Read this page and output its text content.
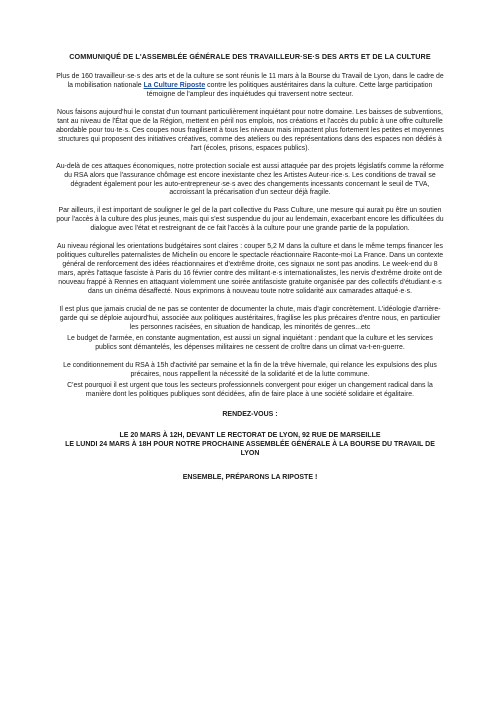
COMMUNIQUÉ DE L'ASSEMBLÉE GÉNÉRALE DES TRAVAILLEUR·SE·S DES ARTS ET DE LA CULTURE
Plus de 160 travailleur·se·s des arts et de la culture se sont réunis le 11 mars à la Bourse du Travail de Lyon, dans le cadre de la mobilisation nationale La Culture Riposte contre les politiques austéritaires dans la culture. Cette large participation témoigne de l'ampleur des inquiétudes qui traversent notre secteur.
Nous faisons aujourd'hui le constat d'un tournant particulièrement inquiétant pour notre domaine. Les baisses de subventions, tant au niveau de l'État que de la Région, mettent en péril nos emplois, nos créations et l'accès du public à une offre culturelle abordable pour tou·te·s. Ces coupes nous fragilisent à tous les niveaux mais impactent plus fortement les petites et moyennes structures qui proposent des initiatives créatives, comme des ateliers ou des représentations dans des espaces non dédiés à l'art (écoles, prisons, espaces publics).
Au-delà de ces attaques économiques, notre protection sociale est aussi attaquée par des projets législatifs comme la réforme du RSA alors que l'assurance chômage est encore inexistante chez les Artistes Auteur·rice·s. Les conditions de travail se dégradent également pour les auto-entrepreneur·se·s avec des changements incessants concernant le seuil de TVA, accroissant la précarisation d'un secteur déjà fragile.
Par ailleurs, il est important de souligner le gel de la part collective du Pass Culture, une mesure qui aurait pu être un soutien pour l'accès à la culture des plus jeunes, mais qui s'est suspendue du jour au lendemain, exacerbant encore les difficultées du dialogue avec l'état et restreignant de ce fait l'accès à la culture pour une grande partie de la population.
Au niveau régional les orientations budgétaires sont claires : couper 5,2 M dans la culture et dans le même temps financer les politiques culturelles paternalistes de Michelin ou encore le spectacle réactionnaire Raconte-moi La France. Dans un contexte général de renforcement des idées réactionnaires et d'extrême droite, ces signaux ne sont pas anodins. Le week-end du 8 mars, après l'attaque fasciste à Paris du 16 février contre des militant·e·s internationalistes, les nervis d'extrême droite ont de nouveau frappé à Rennes en attaquant violemment une soirée antifasciste gratuite organisée par des collectifs d'étudiant·e·s dans un cinéma désaffecté. Nous exprimons à nouveau toute notre solidarité aux camarades attaqué·e·s.
Il est plus que jamais crucial de ne pas se contenter de documenter la chute, mais d'agir concrètement. L'idéologie d'arrière-garde qui se déploie aujourd'hui, associée aux politiques austéritaires, fragilise les plus précaires d'entre nous, en particulier les personnes racisées, en situation de handicap, les minorités de genres...etc
Le budget de l'armée, en constante augmentation, est aussi un signal inquiétant : pendant que la culture et les services publics sont démantelés, les dépenses militaires ne cessent de croître dans un climat va-t-en-guerre.
Le conditionnement du RSA à 15h d'activité par semaine et la fin de la trêve hivernale, qui relance les expulsions des plus précaires, nous rappellent la nécessité de la solidarité et de la lutte commune.
C'est pourquoi il est urgent que tous les secteurs professionnels convergent pour exiger un changement radical dans la manière dont les politiques publiques sont décidées, afin de faire place à une société solidaire et égalitaire.
RENDEZ-VOUS :
LE 20 MARS À 12H, DEVANT LE RECTORAT DE LYON, 92 RUE DE MARSEILLE
LE LUNDI 24 MARS À 18H POUR NOTRE PROCHAINE ASSEMBLÉE GÉNÉRALE À LA BOURSE DU TRAVAIL DE LYON
ENSEMBLE, PRÉPARONS LA RIPOSTE !
